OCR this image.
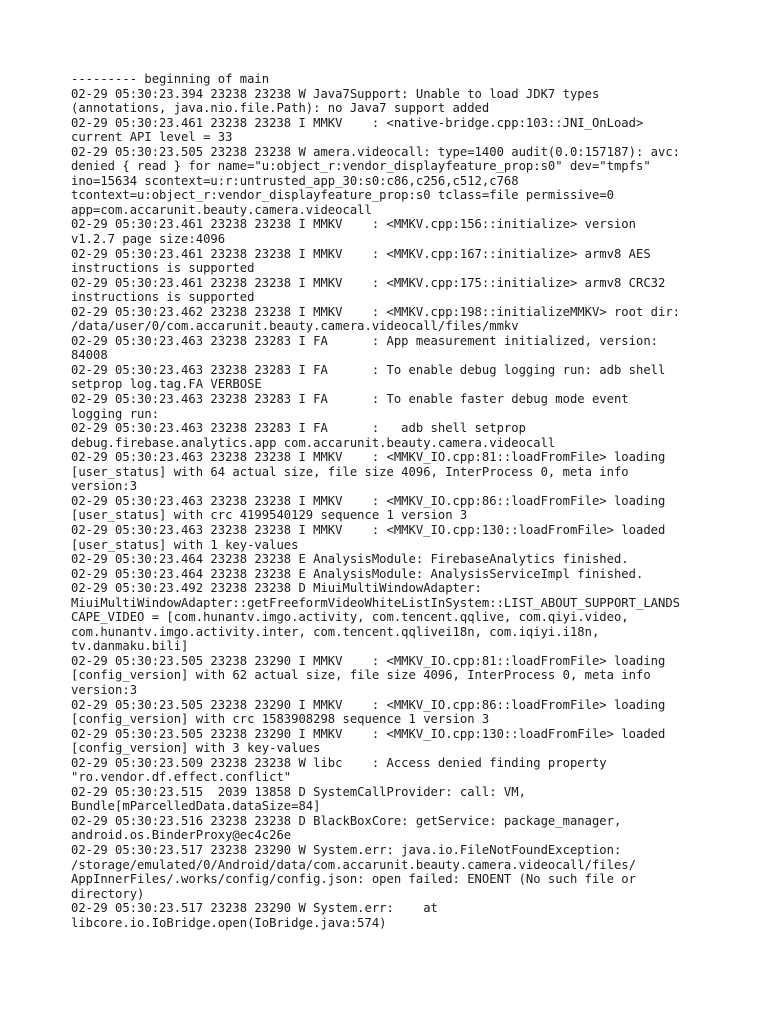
--------- beginning of main
02-29 05:30:23.394 23238 23238 W Java7Support: Unable to load JDK7 types
(annotations, java.nio.file.Path): no Java7 support added
02-29 05:30:23.461 23238 23238 I MMKV    : <native-bridge.cpp:103::JNI_OnLoad>
current API level = 33
02-29 05:30:23.505 23238 23238 W amera.videocall: type=1400 audit(0.0:157187): avc:
denied { read } for name="u:object_r:vendor_displayfeature_prop:s0" dev="tmpfs"
ino=15634 scontext=u:r:untrusted_app_30:s0:c86,c256,c512,c768
tcontext=u:object_r:vendor_displayfeature_prop:s0 tclass=file permissive=0
app=com.accarunit.beauty.camera.videocall
02-29 05:30:23.461 23238 23238 I MMKV    : <MMKV.cpp:156::initialize> version
v1.2.7 page size:4096
02-29 05:30:23.461 23238 23238 I MMKV    : <MMKV.cpp:167::initialize> armv8 AES
instructions is supported
02-29 05:30:23.461 23238 23238 I MMKV    : <MMKV.cpp:175::initialize> armv8 CRC32
instructions is supported
02-29 05:30:23.462 23238 23238 I MMKV    : <MMKV.cpp:198::initializeMMKV> root dir:
/data/user/0/com.accarunit.beauty.camera.videocall/files/mmkv
02-29 05:30:23.463 23238 23283 I FA      : App measurement initialized, version:
84008
02-29 05:30:23.463 23238 23283 I FA      : To enable debug logging run: adb shell
setprop log.tag.FA VERBOSE
02-29 05:30:23.463 23238 23283 I FA      : To enable faster debug mode event
logging run:
02-29 05:30:23.463 23238 23283 I FA      :   adb shell setprop
debug.firebase.analytics.app com.accarunit.beauty.camera.videocall
02-29 05:30:23.463 23238 23238 I MMKV    : <MMKV_IO.cpp:81::loadFromFile> loading
[user_status] with 64 actual size, file size 4096, InterProcess 0, meta info
version:3
02-29 05:30:23.463 23238 23238 I MMKV    : <MMKV_IO.cpp:86::loadFromFile> loading
[user_status] with crc 4199540129 sequence 1 version 3
02-29 05:30:23.463 23238 23238 I MMKV    : <MMKV_IO.cpp:130::loadFromFile> loaded
[user_status] with 1 key-values
02-29 05:30:23.464 23238 23238 E AnalysisModule: FirebaseAnalytics finished.
02-29 05:30:23.464 23238 23238 E AnalysisModule: AnalysisServiceImpl finished.
02-29 05:30:23.492 23238 23238 D MiuiMultiWindowAdapter:
MiuiMultiWindowAdapter::getFreeformVideoWhiteListInSystem::LIST_ABOUT_SUPPORT_LANDS
CAPE_VIDEO = [com.hunantv.imgo.activity, com.tencent.qqlive, com.qiyi.video,
com.hunantv.imgo.activity.inter, com.tencent.qqlivei18n, com.iqiyi.i18n,
tv.danmaku.bili]
02-29 05:30:23.505 23238 23290 I MMKV    : <MMKV_IO.cpp:81::loadFromFile> loading
[config_version] with 62 actual size, file size 4096, InterProcess 0, meta info
version:3
02-29 05:30:23.505 23238 23290 I MMKV    : <MMKV_IO.cpp:86::loadFromFile> loading
[config_version] with crc 1583908298 sequence 1 version 3
02-29 05:30:23.505 23238 23290 I MMKV    : <MMKV_IO.cpp:130::loadFromFile> loaded
[config_version] with 3 key-values
02-29 05:30:23.509 23238 23238 W libc    : Access denied finding property
"ro.vendor.df.effect.conflict"
02-29 05:30:23.515  2039 13858 D SystemCallProvider: call: VM,
Bundle[mParcelledData.dataSize=84]
02-29 05:30:23.516 23238 23238 D BlackBoxCore: getService: package_manager,
android.os.BinderProxy@ec4c26e
02-29 05:30:23.517 23238 23290 W System.err: java.io.FileNotFoundException:
/storage/emulated/0/Android/data/com.accarunit.beauty.camera.videocall/files/
AppInnerFiles/.works/config/config.json: open failed: ENOENT (No such file or
directory)
02-29 05:30:23.517 23238 23290 W System.err:    at
libcore.io.IoBridge.open(IoBridge.java:574)
